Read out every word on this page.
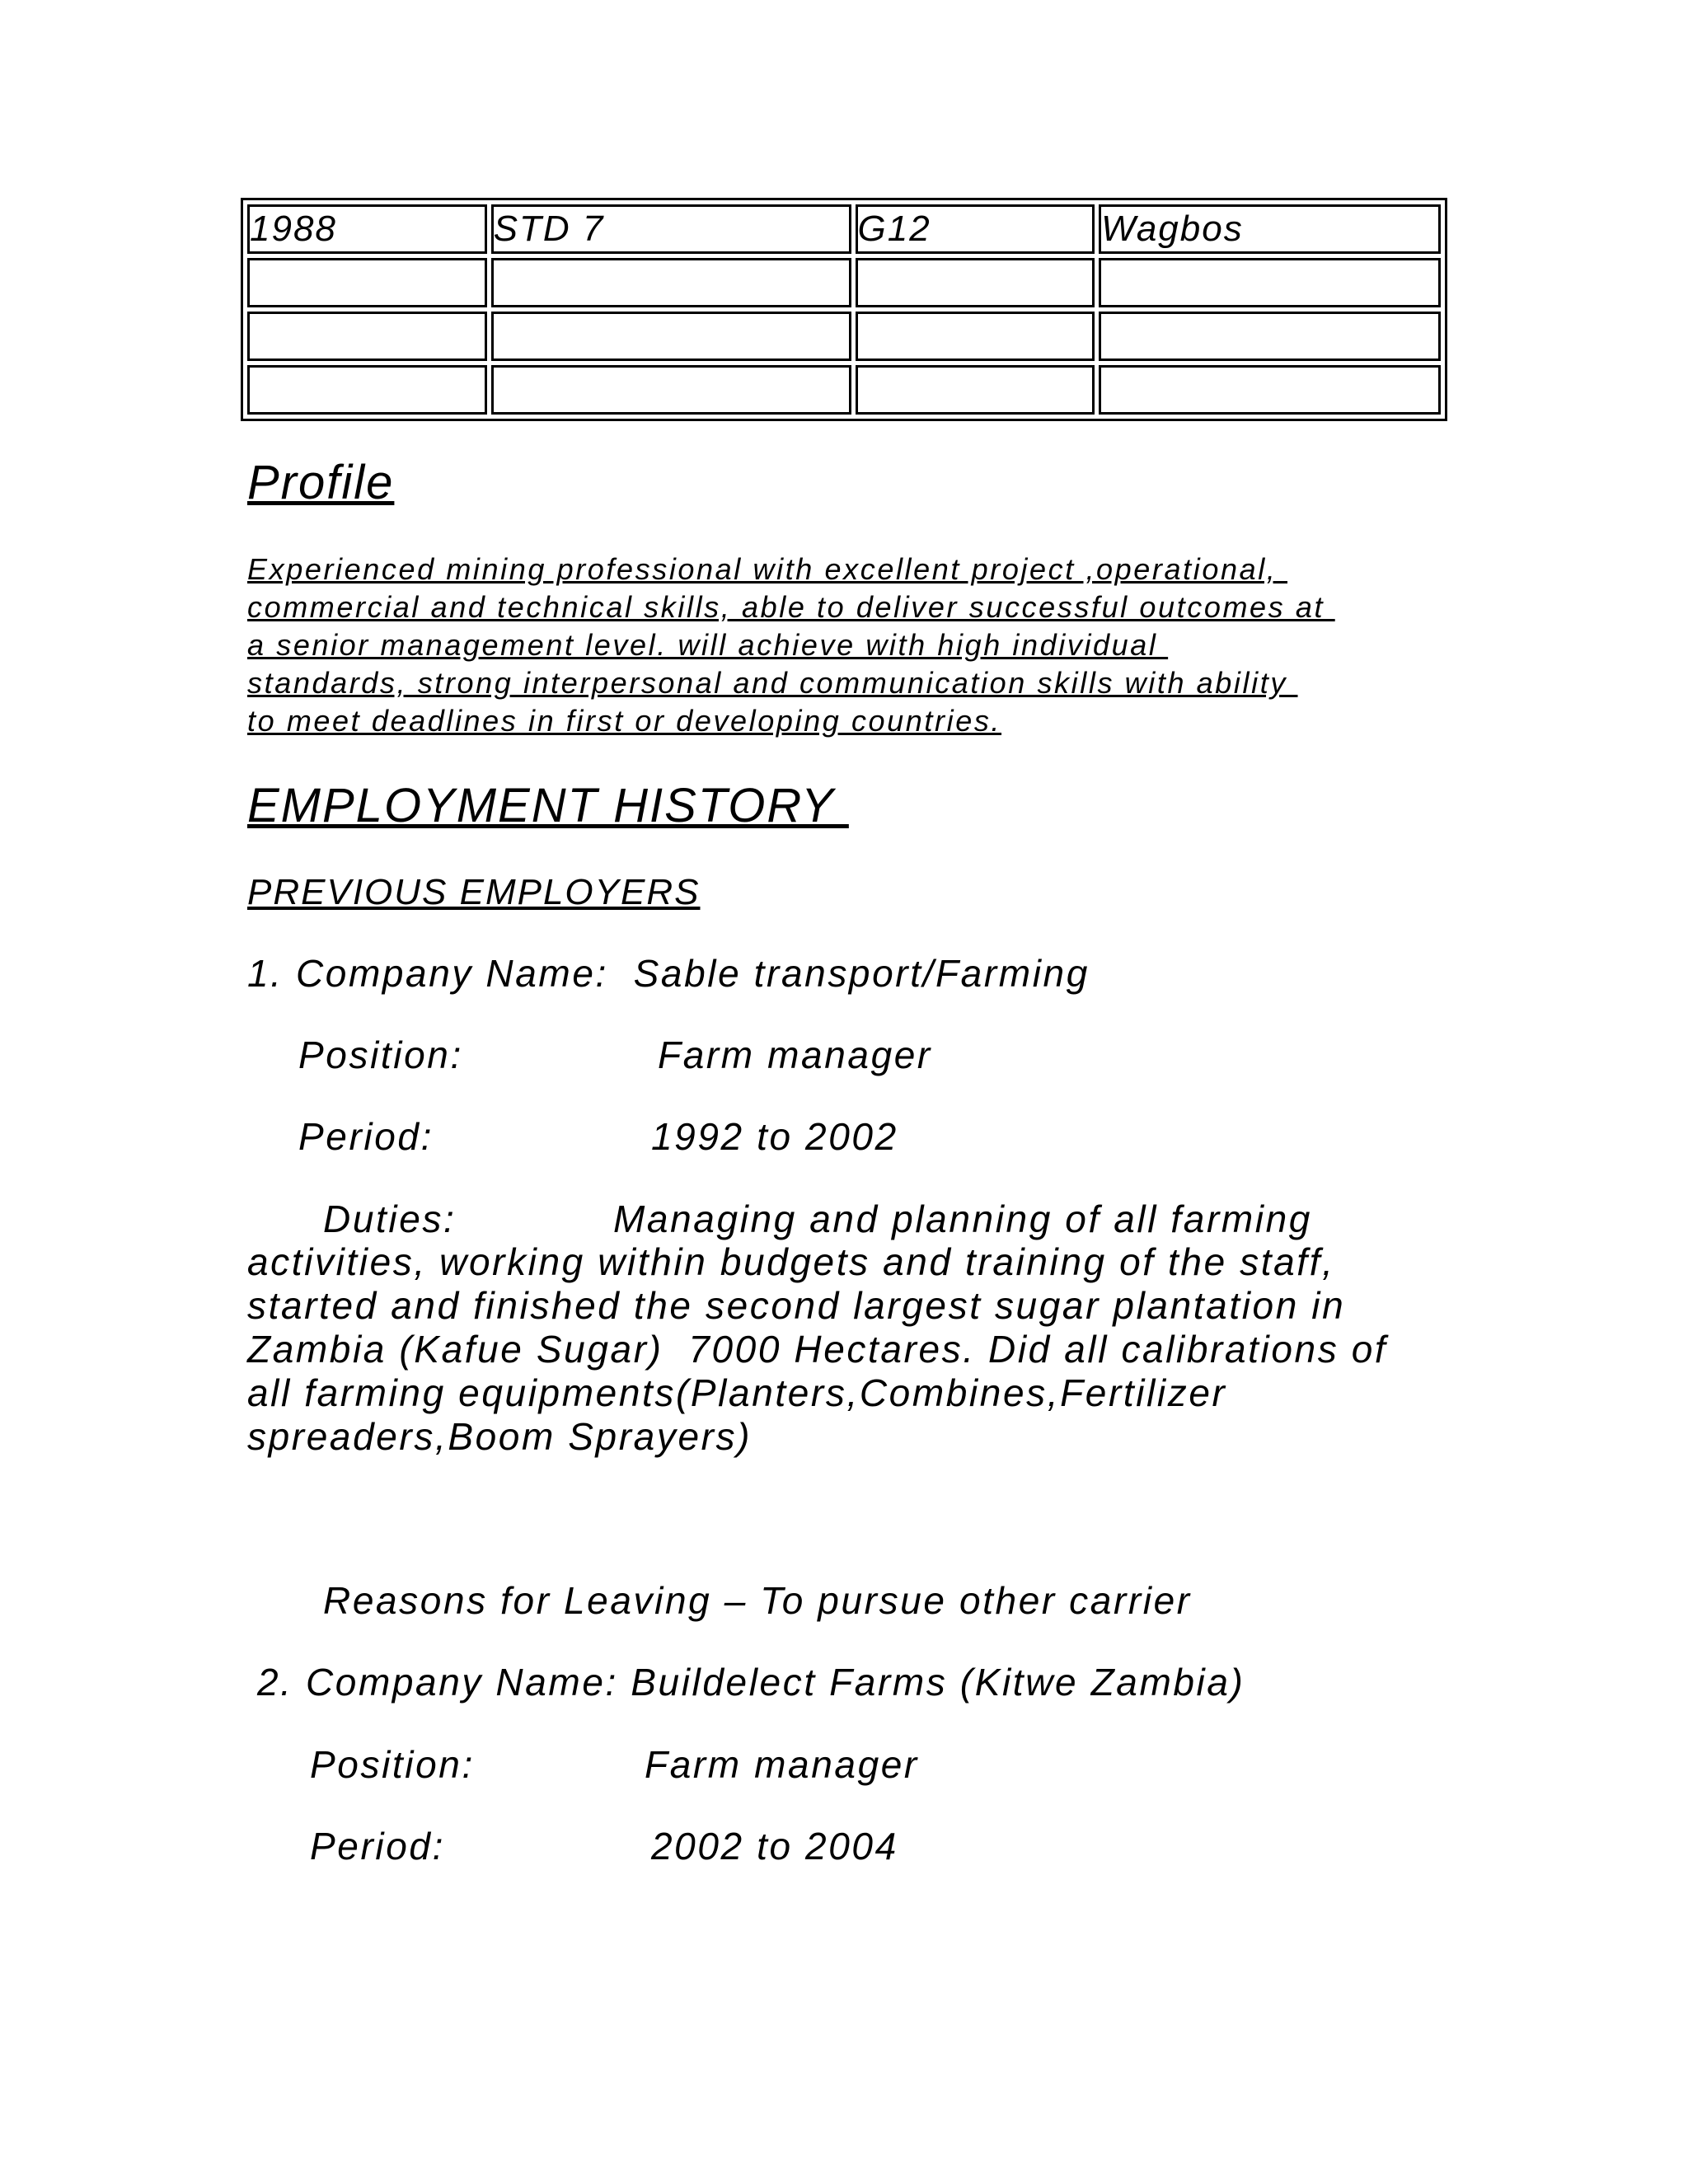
1988	STD 7	G12	Wagbos

Profile
Experienced mining professional with excellent project ,operational,
commercial and technical skills, able to deliver successful outcomes at
a senior management level. will achieve with high individual
standards, strong interpersonal and communication skills with ability
to meet deadlines in first or developing countries.
EMPLOYMENT HISTORY
PREVIOUS EMPLOYERS
1. Company Name:  Sable transport/Farming
Position:	Farm manager
Period:	1992 to 2002
Duties:	Managing and planning of all farming
activities, working within budgets and training of the staff,
started and finished the second largest sugar plantation in
Zambia (Kafue Sugar)  7000 Hectares. Did all calibrations of
all farming equipments(Planters,Combines,Fertilizer
spreaders,Boom Sprayers)
Reasons for Leaving – To pursue other carrier
2. Company Name: Buildelect Farms (Kitwe Zambia)
Position:	Farm manager
Period:	2002 to 2004
